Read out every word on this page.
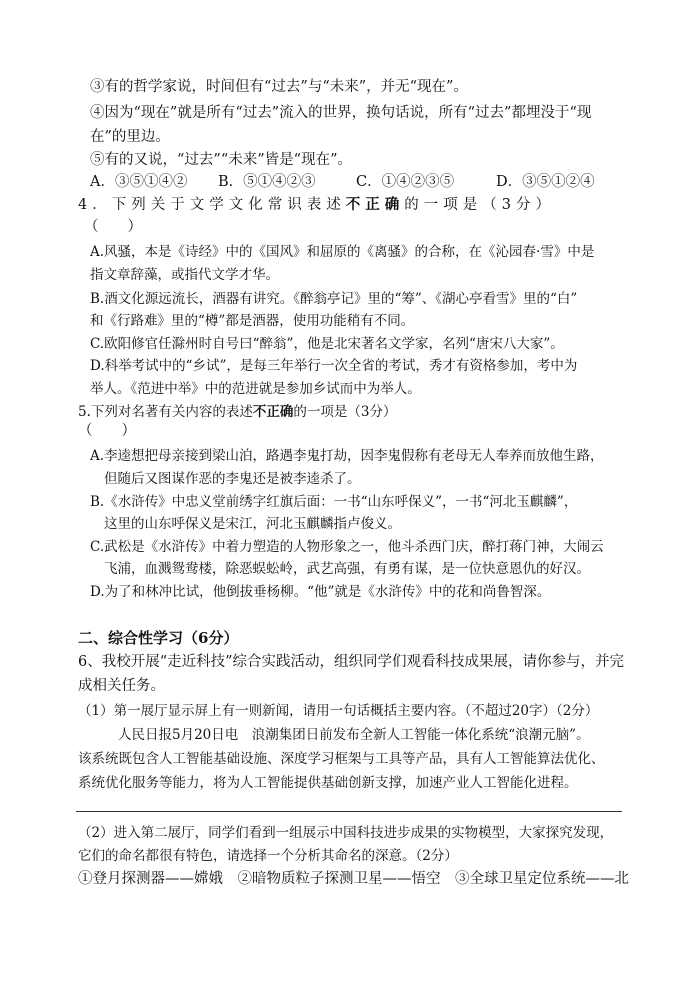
③有的哲学家说，时间但有“过去”与“未来”，并无“现在”。
④因为“现在”就是所有“过去”流入的世界，换句话说，所有“过去”都埋没于“现
在”的里边。
⑤有的又说，“过去”“未来”皆是“现在”。
A．③⑤①④② B．⑤①④②③	C．①④②③⑤	D．③⑤①②④
4．下列关于文学文化常识表述不正确的一项是（3分）
（　　）
A.风骚，本是《诗经》中的《国风》和屈原的《离骚》的合称，在《沁园春·雪》中是
指文章辞藻，或指代文学才华。
B.酒文化源远流长，酒器有讲究。《醉翁亭记》里的“筹”、《湖心亭看雪》里的“白”
和《行路难》里的“樽”都是酒器，使用功能稍有不同。
C.欧阳修官任滁州时自号曰“醉翁”，他是北宋著名文学家，名列“唐宋八大家”。
D.科举考试中的“乡试”，是每三年举行一次全省的考试，秀才有资格参加，考中为
举人。《范进中举》中的范进就是参加乡试而中为举人。
5.下列对名著有关内容的表述不正确的一项是（3分）
（　　）
A.李逵想把母亲接到梁山泊，路遇李鬼打劫，因李鬼假称有老母无人奉养而放他生路，
但随后又图谋作恶的李鬼还是被李逵杀了。
B.《水浒传》中忠义堂前绣字红旗后面：一书“山东呼保义”，一书“河北玉麒麟”，
这里的山东呼保义是宋江，河北玉麒麟指卢俊义。
C.武松是《水浒传》中着力塑造的人物形象之一，他斗杀西门庆，醉打蒋门神，大闹云
飞浦，血溅鸳鸯楼，除恶蜈蚣岭，武艺高强，有勇有谋，是一位快意恩仇的好汉。
D.为了和林冲比试，他倒拔垂杨柳。“他”就是《水浒传》中的花和尚鲁智深。
二、综合性学习（6分）
6、我校开展“走近科技”综合实践活动，组织同学们观看科技成果展，请你参与，并完
成相关任务。
（1）第一展厅显示屏上有一则新闻，请用一句话概括主要内容。（不超过20字）（2分）
人民日报5月20日电　浪潮集团日前发布全新人工智能一体化系统“浪潮元脑”。
该系统既包含人工智能基础设施、深度学习框架与工具等产品，具有人工智能算法优化、
系统优化服务等能力，将为人工智能提供基础创新支撑，加速产业人工智能化进程。
（2）进入第二展厅，同学们看到一组展示中国科技进步成果的实物模型，大家探究发现，
它们的命名都很有特色，请选择一个分析其命名的深意。（2分）
①登月探测器——嫦娥　②暗物质粒子探测卫星——悟空　③全球卫星定位系统——北
